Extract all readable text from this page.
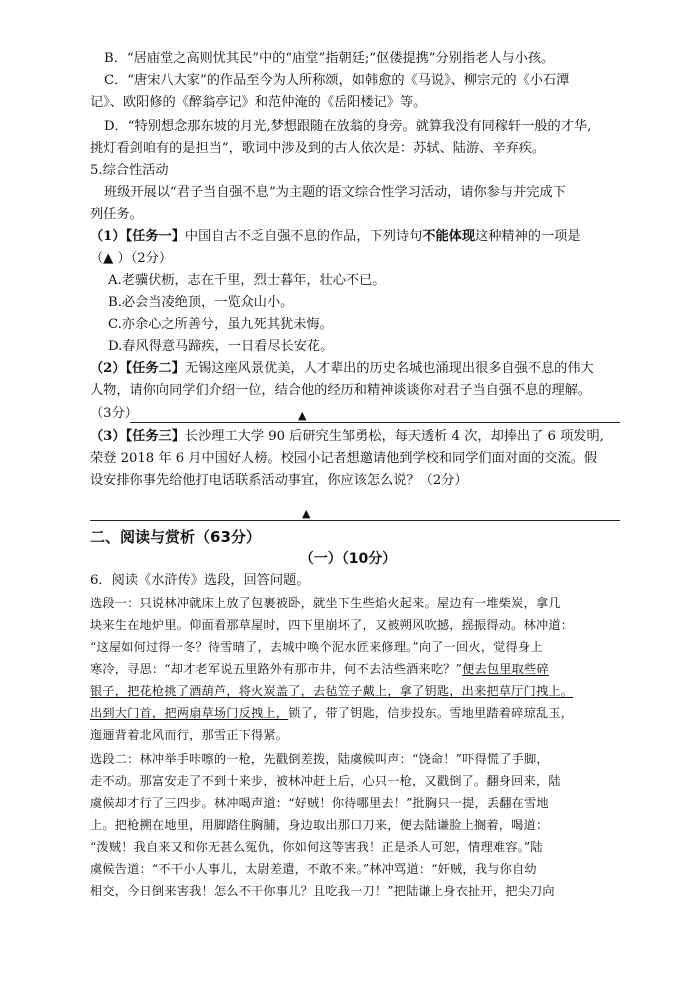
B．“居庙堂之高则忧其民”中的“庙堂”指朝廷;“伛偻提携”分别指老人与小孩。
C．“唐宋八大家”的作品至今为人所称颂，如韩愈的《马说》、柳宗元的《小石潭
记》、欧阳修的《醉翁亭记》和范仲淹的《岳阳楼记》等。
D．“特别想念那东坡的月光,梦想跟随在放翁的身旁。就算我没有同稼轩一般的才华,
挑灯看剑咱有的是担当”，歌词中涉及到的古人依次是：苏轼、陆游、辛弃疾。
5.综合性活动
班级开展以“君子当自强不息”为主题的语文综合性学习活动，请你参与并完成下
列任务。
（1）【任务一】中国自古不乏自强不息的作品，下列诗句不能体现这种精神的一项是
（▲ ）（2分）
A.老骥伏枥，志在千里，烈士暮年，壮心不已。
B.必会当凌绝顶，一览众山小。
C.亦余心之所善兮，虽九死其犹未悔。
D.春风得意马蹄疾，一日看尽长安花。
（2）【任务二】无锡这座风景优美，人才辈出的历史名城也涌现出很多自强不息的伟大
人物，请你向同学们介绍一位，结合他的经历和精神谈谈你对君子当自强不息的理解。
（3分）	▲
（3）【任务三】长沙理工大学 90 后研究生邹勇松，每天透析 4 次，却捧出了 6 项发明,
荣登 2018 年 6 月中国好人榜。校园小记者想邀请他到学校和同学们面对面的交流。假
设安排你事先给他打电话联系活动事宜，你应该怎么说？（2分）
▲
二、阅读与赏析（63分）
（一）（10分）
6．阅读《水浒传》选段，回答问题。
选段一：只说林冲就床上放了包裹被卧，就坐下生些焰火起来。屋边有一堆柴炭，拿几
块来生在地炉里。仰面看那草屋时，四下里崩坏了，又被朔风吹撼，摇振得动。林冲道：
“这屋如何过得一冬？待雪晴了，去城中唤个泥水匠来修理。”向了一回火，觉得身上
寒冷，寻思：“却才老军说五里路外有那市井，何不去沽些酒来吃？”便去包里取些碎
银子，把花枪挑了酒葫芦，将火炭盖了，去毡笠子戴上，拿了钥匙，出来把草厅门拽上。
出到大门首，把两扇草场门反拽上，锁了，带了钥匙，信步投东。雪地里踏着碎琼乱玉，
迤逦背着北风而行，那雪正下得紧。
选段二：林冲举手咔嚓的一枪，先戳倒差拨，陆虞候叫声：“饶命！”吓得慌了手脚，
走不动。那富安走了不到十来步，被林冲赶上后，心只一枪，又戳倒了。翻身回来，陆
虞候却才行了三四步。林冲喝声道：“好贼！你待哪里去！”批胸只一提，丢翻在雪地
上。把枪搠在地里，用脚踏住胸脯，身边取出那口刀来，便去陆谦脸上搁着，喝道：
“泼贼！我自来又和你无甚么冤仇，你如何这等害我！正是杀人可恕，情理难容。”陆
虞候告道：“不干小人事儿，太尉差遣，不敢不来。”林冲骂道：“奸贼，我与你自幼
相交，今日倒来害我！怎么不干你事儿？且吃我一刀！”把陆谦上身衣扯开，把尖刀向
